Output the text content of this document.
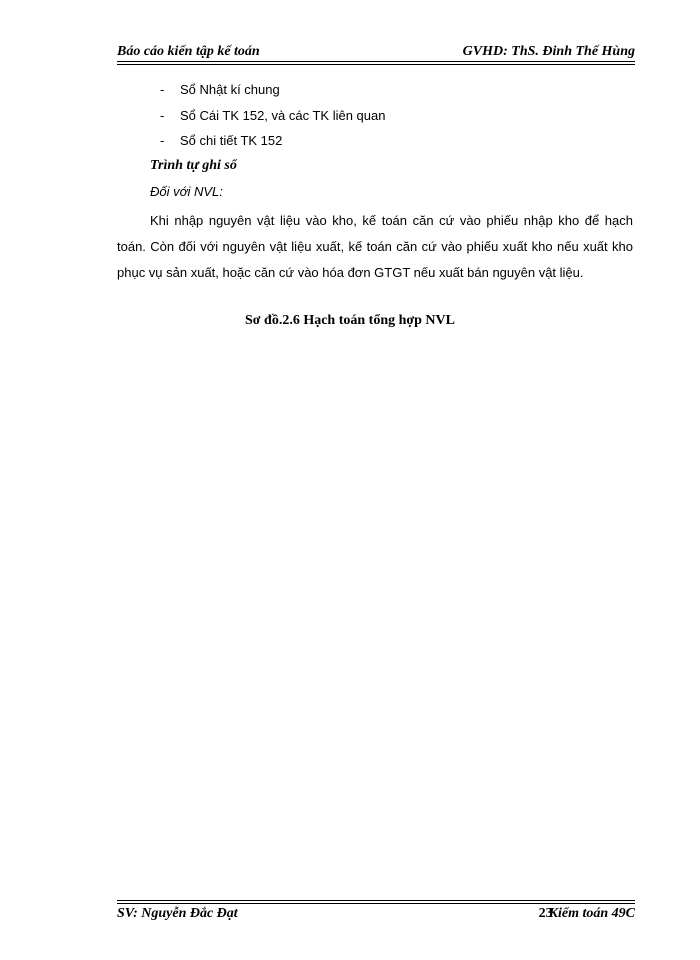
Báo cáo kiến tập kế toán	GVHD: ThS. Đinh Thế Hùng
- Sổ Nhật kí chung
- Sổ Cái TK 152, và các TK liên quan
- Sổ chi tiết TK 152
Trình tự ghi sổ
Đối với NVL:

Khi nhập nguyên vật liệu vào kho, kế toán căn cứ vào phiếu nhập kho để hạch toán. Còn đối với nguyên vật liệu xuất, kế toán căn cứ vào phiếu xuất kho nếu xuất kho phục vụ sản xuất, hoặc căn cứ vào hóa đơn GTGT nếu xuất bán nguyên vật liệu.

Sơ đồ.2.6 Hạch toán tổng hợp NVL
SV: Nguyễn Đắc Đạt	23Kiểm toán 49C
